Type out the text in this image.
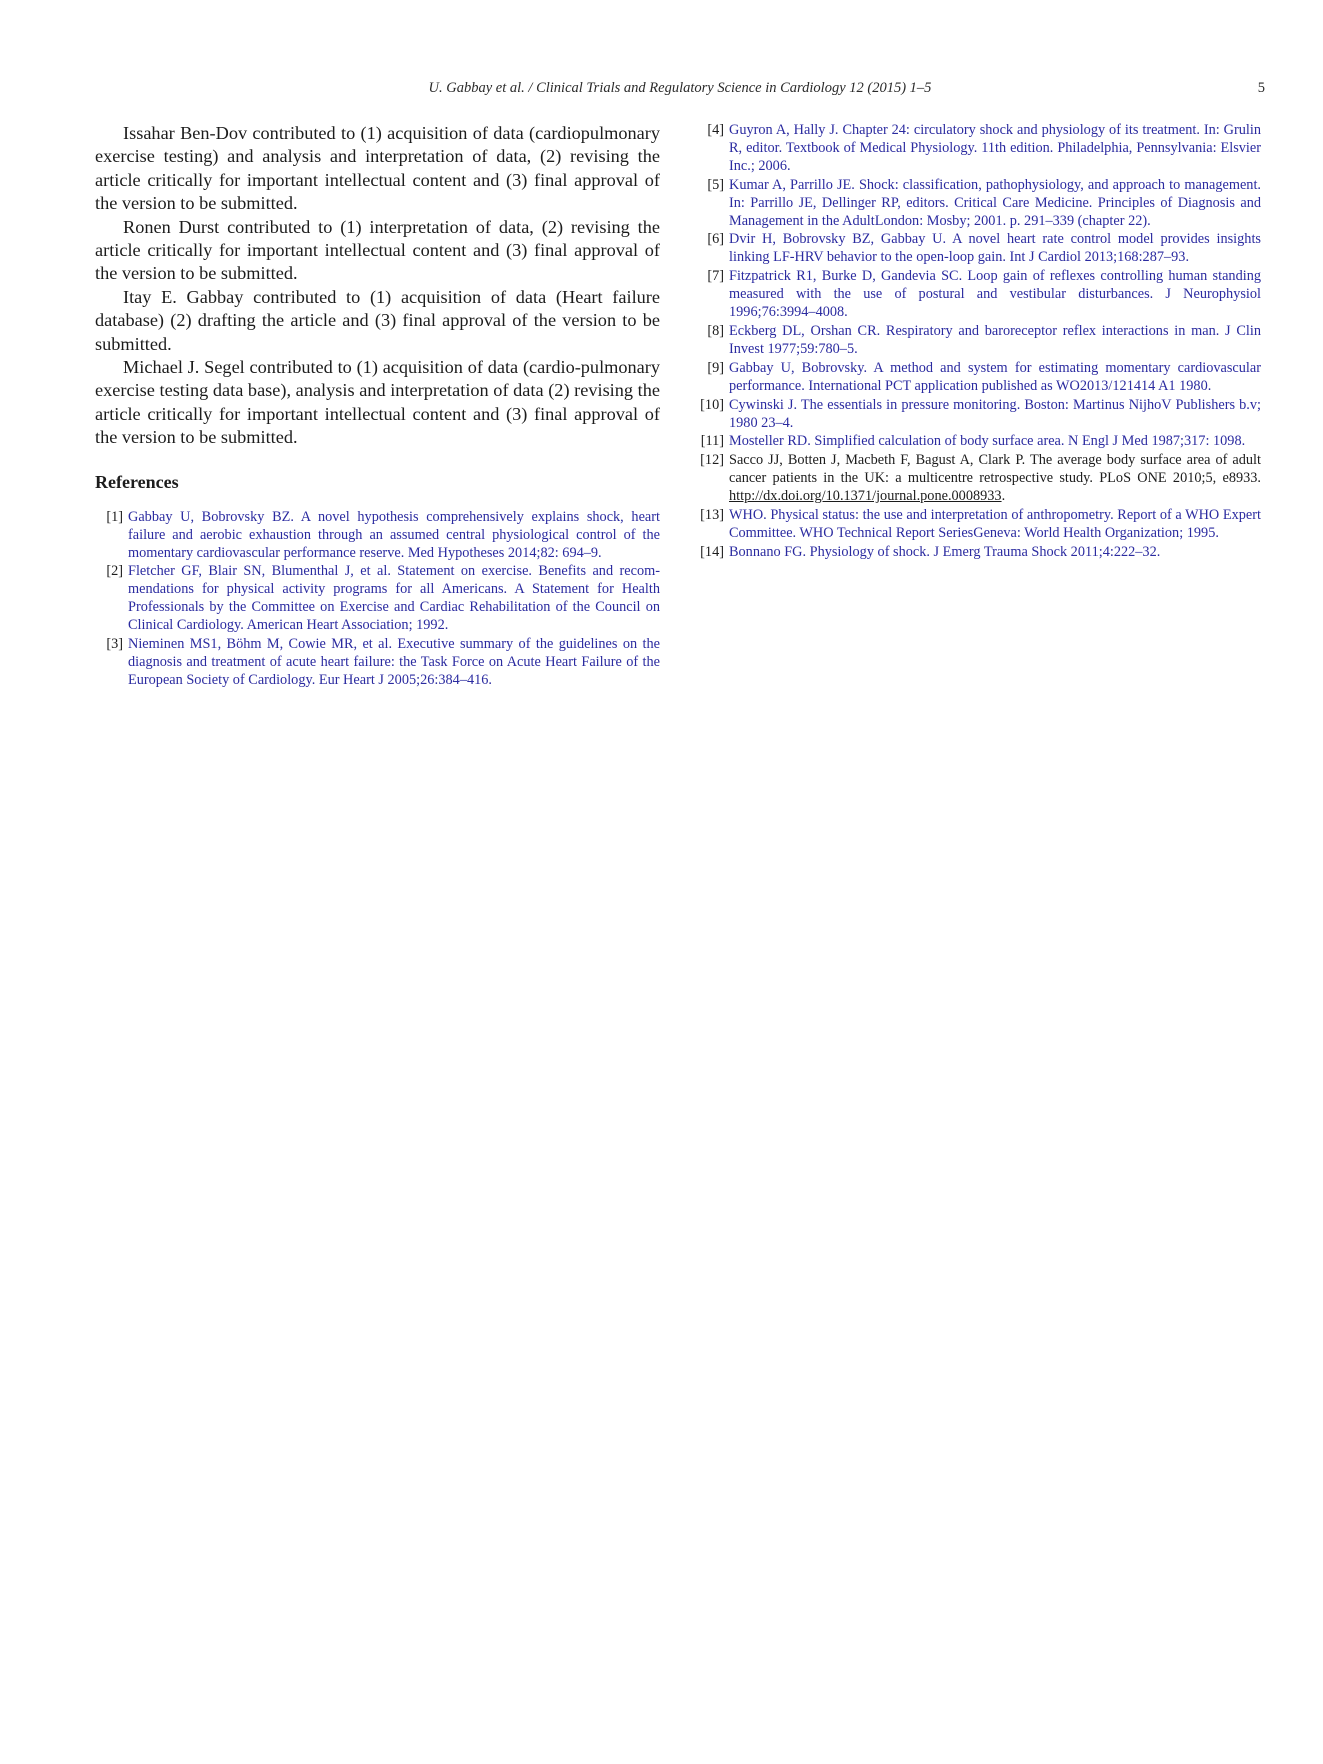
U. Gabbay et al. / Clinical Trials and Regulatory Science in Cardiology 12 (2015) 1–5	5

Issahar Ben-Dov contributed to (1) acquisition of data (cardiopulmonary exercise testing) and analysis and interpretation of data, (2) revising the article critically for important intellectual content and (3) final approval of the version to be submitted.

Ronen Durst contributed to (1) interpretation of data, (2) revising the article critically for important intellectual content and (3) final approval of the version to be submitted.

Itay E. Gabbay contributed to (1) acquisition of data (Heart failure database) (2) drafting the article and (3) final approval of the version to be submitted.

Michael J. Segel contributed to (1) acquisition of data (cardio-pulmonary exercise testing data base), analysis and interpretation of data (2) revising the article critically for important intellectual content and (3) final approval of the version to be submitted.

References
[1] Gabbay U, Bobrovsky BZ. A novel hypothesis comprehensively explains shock, heart failure and aerobic exhaustion through an assumed central physiological control of the momentary cardiovascular performance reserve. Med Hypotheses 2014;82: 694–9.
[2] Fletcher GF, Blair SN, Blumenthal J, et al. Statement on exercise. Benefits and recommendations for physical activity programs for all Americans. A Statement for Health Professionals by the Committee on Exercise and Cardiac Rehabilitation of the Council on Clinical Cardiology. American Heart Association; 1992.
[3] Nieminen MS1, Böhm M, Cowie MR, et al. Executive summary of the guidelines on the diagnosis and treatment of acute heart failure: the Task Force on Acute Heart Failure of the European Society of Cardiology. Eur Heart J 2005;26:384–416.
[4] Guyron A, Hally J. Chapter 24: circulatory shock and physiology of its treatment. In: Grulin R, editor. Textbook of Medical Physiology. 11th edition. Philadelphia, Pennsylvania: Elsvier Inc.; 2006.
[5] Kumar A, Parrillo JE. Shock: classification, pathophysiology, and approach to management. In: Parrillo JE, Dellinger RP, editors. Critical Care Medicine. Principles of Diagnosis and Management in the AdultLondon: Mosby; 2001. p. 291–339 (chapter 22).
[6] Dvir H, Bobrovsky BZ, Gabbay U. A novel heart rate control model provides insights linking LF-HRV behavior to the open-loop gain. Int J Cardiol 2013;168:287–93.
[7] Fitzpatrick R1, Burke D, Gandevia SC. Loop gain of reflexes controlling human standing measured with the use of postural and vestibular disturbances. J Neurophysiol 1996;76:3994–4008.
[8] Eckberg DL, Orshan CR. Respiratory and baroreceptor reflex interactions in man. J Clin Invest 1977;59:780–5.
[9] Gabbay U, Bobrovsky. A method and system for estimating momentary cardiovascular performance. International PCT application published as WO2013/121414 A1 1980.
[10] Cywinski J. The essentials in pressure monitoring. Boston: Martinus NijhoV Publishers b.v; 1980 23–4.
[11] Mosteller RD. Simplified calculation of body surface area. N Engl J Med 1987;317: 1098.
[12] Sacco JJ, Botten J, Macbeth F, Bagust A, Clark P. The average body surface area of adult cancer patients in the UK: a multicentre retrospective study. PLoS ONE 2010;5, e8933. http://dx.doi.org/10.1371/journal.pone.0008933.
[13] WHO. Physical status: the use and interpretation of anthropometry. Report of a WHO Expert Committee. WHO Technical Report SeriesGeneva: World Health Organization; 1995.
[14] Bonnano FG. Physiology of shock. J Emerg Trauma Shock 2011;4:222–32.
